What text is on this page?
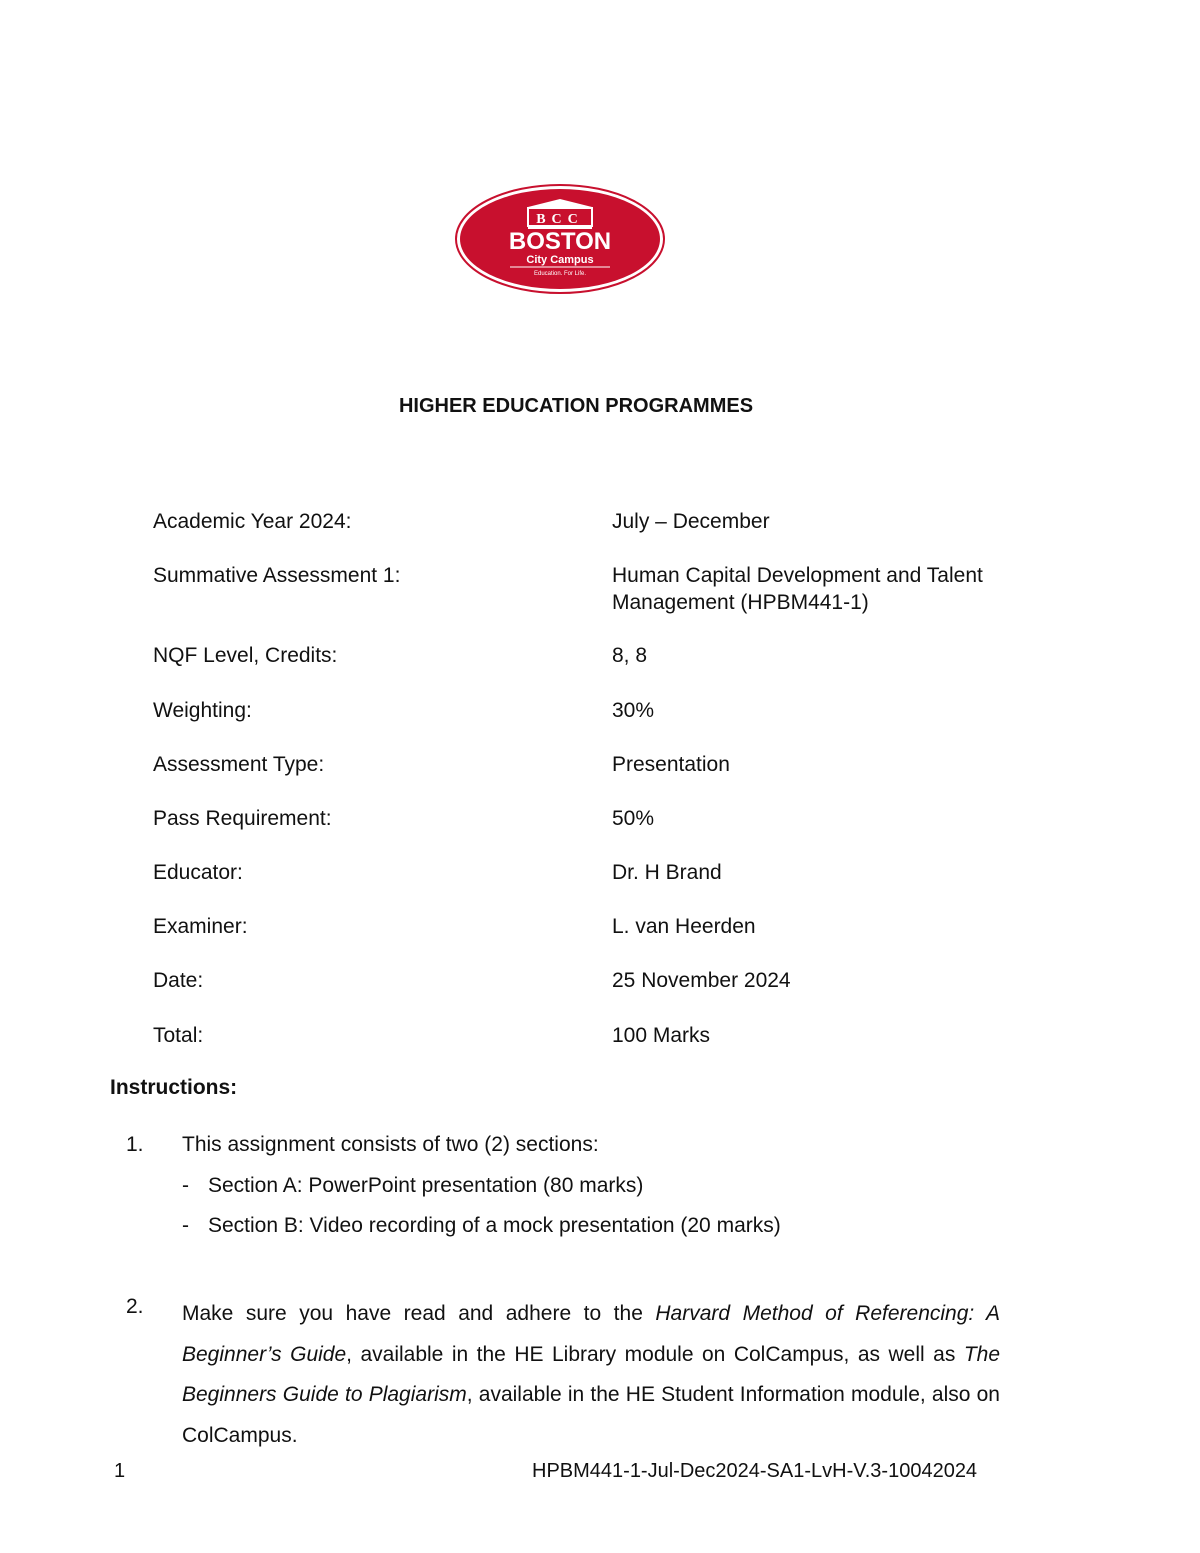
BCC
BOSTON
City Campus
Education. For Life.
HIGHER EDUCATION PROGRAMMES
Academic Year 2024:	July – December
Summative Assessment 1:	Human Capital Development and Talent Management (HPBM441-1)
NQF Level, Credits:	8, 8
Weighting:	30%
Assessment Type:	Presentation
Pass Requirement:	50%
Educator:	Dr. H Brand
Examiner:	L. van Heerden
Date:	25 November 2024
Total:	100 Marks
Instructions:
1. This assignment consists of two (2) sections:
- Section A: PowerPoint presentation (80 marks)
- Section B: Video recording of a mock presentation (20 marks)
2. Make sure you have read and adhere to the Harvard Method of Referencing: A Beginner’s Guide, available in the HE Library module on ColCampus, as well as The Beginners Guide to Plagiarism, available in the HE Student Information module, also on ColCampus.
1	HPBM441-1-Jul-Dec2024-SA1-LvH-V.3-10042024
